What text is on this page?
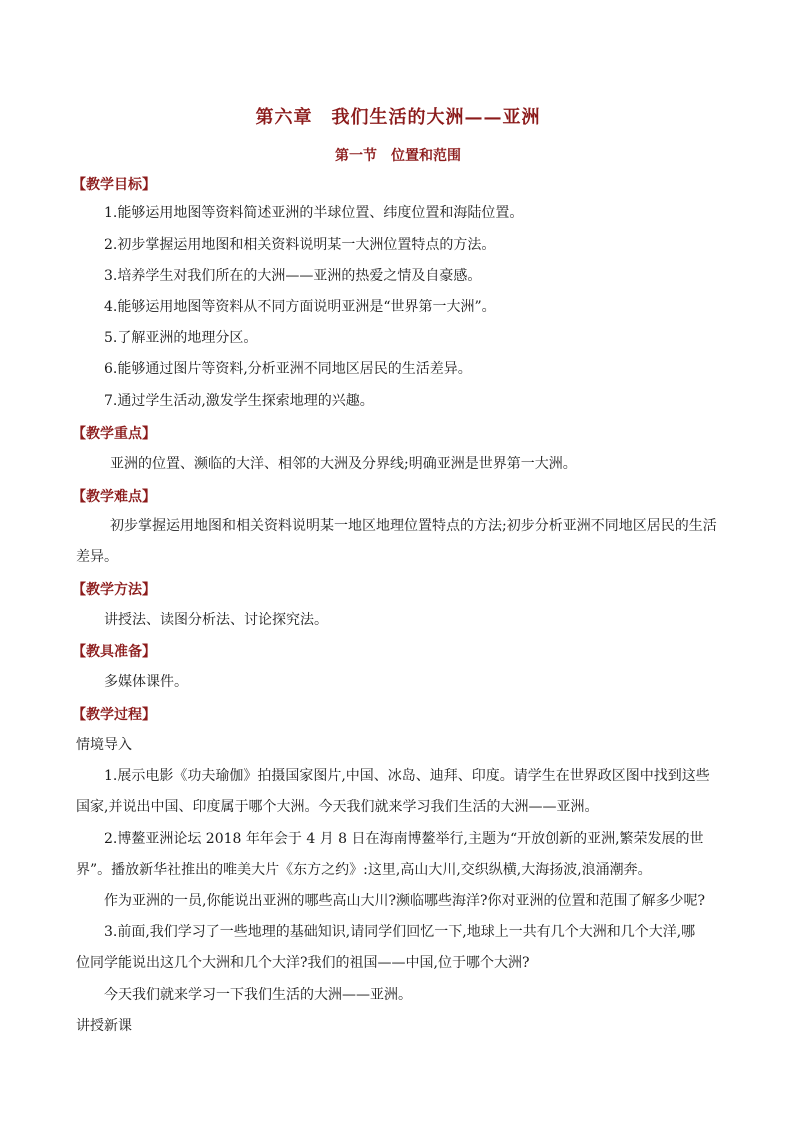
第六章　我们生活的大洲——亚洲
第一节　位置和范围
【教学目标】
1.能够运用地图等资料简述亚洲的半球位置、纬度位置和海陆位置。
2.初步掌握运用地图和相关资料说明某一大洲位置特点的方法。
3.培养学生对我们所在的大洲——亚洲的热爱之情及自豪感。
4.能够运用地图等资料从不同方面说明亚洲是“世界第一大洲”。
5.了解亚洲的地理分区。
6.能够通过图片等资料,分析亚洲不同地区居民的生活差异。
7.通过学生活动,激发学生探索地理的兴趣。
【教学重点】
亚洲的位置、濒临的大洋、相邻的大洲及分界线;明确亚洲是世界第一大洲。
【教学难点】
初步掌握运用地图和相关资料说明某一地区地理位置特点的方法;初步分析亚洲不同地区居民的生活
差异。
【教学方法】
讲授法、读图分析法、讨论探究法。
【教具准备】
多媒体课件。
【教学过程】
情境导入
1.展示电影《功夫瑜伽》拍摄国家图片,中国、冰岛、迪拜、印度。请学生在世界政区图中找到这些
国家,并说出中国、印度属于哪个大洲。今天我们就来学习我们生活的大洲——亚洲。
2.博鳌亚洲论坛 2018 年年会于 4 月 8 日在海南博鳌举行,主题为“开放创新的亚洲,繁荣发展的世
界”。播放新华社推出的唯美大片《东方之约》:这里,高山大川,交织纵横,大海扬波,浪涌潮奔。
作为亚洲的一员,你能说出亚洲的哪些高山大川?濒临哪些海洋?你对亚洲的位置和范围了解多少呢?
3.前面,我们学习了一些地理的基础知识,请同学们回忆一下,地球上一共有几个大洲和几个大洋,哪
位同学能说出这几个大洲和几个大洋?我们的祖国——中国,位于哪个大洲?
今天我们就来学习一下我们生活的大洲——亚洲。
讲授新课
